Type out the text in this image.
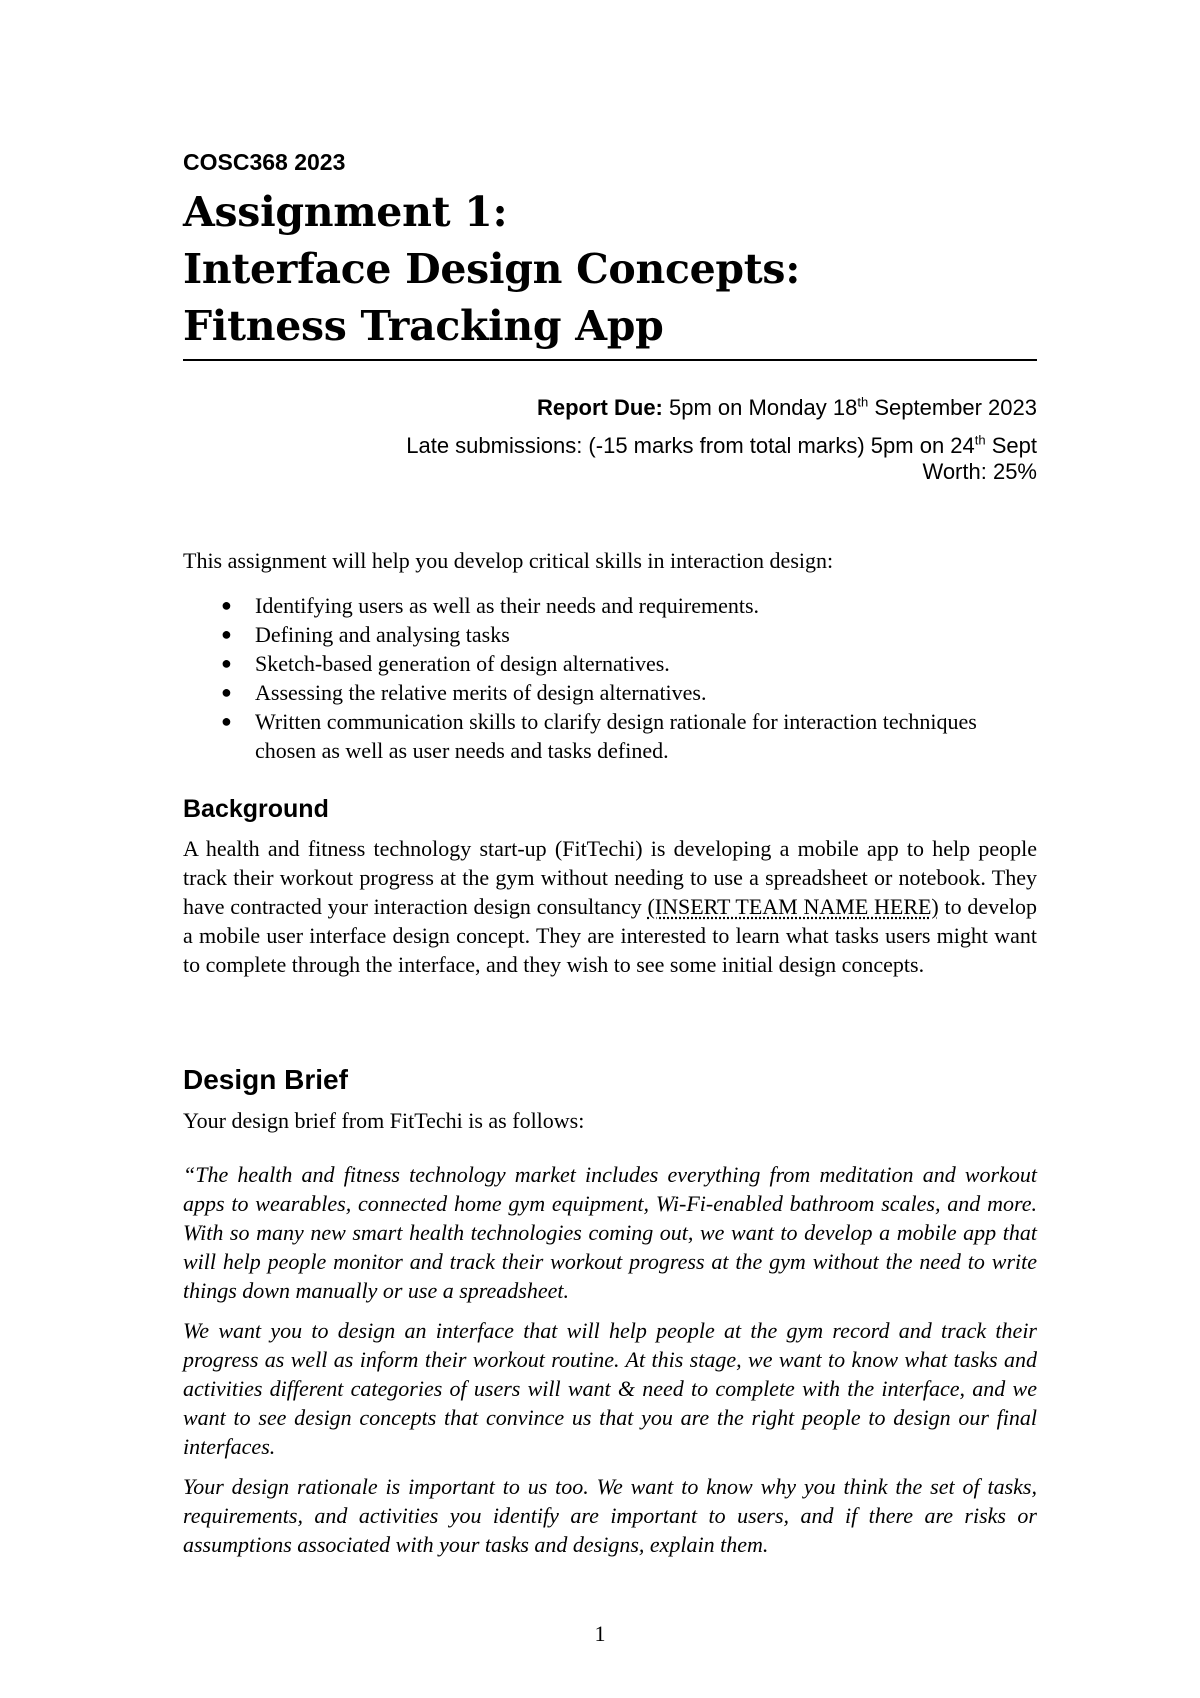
COSC368 2023
Assignment 1:
Interface Design Concepts:
Fitness Tracking App
Report Due: 5pm on Monday 18th September 2023
Late submissions: (-15 marks from total marks) 5pm on 24th Sept
Worth: 25%
This assignment will help you develop critical skills in interaction design:
● Identifying users as well as their needs and requirements.
● Defining and analysing tasks
● Sketch-based generation of design alternatives.
● Assessing the relative merits of design alternatives.
● Written communication skills to clarify design rationale for interaction techniques chosen as well as user needs and tasks defined.
Background
A health and fitness technology start-up (FitTechi) is developing a mobile app to help people track their workout progress at the gym without needing to use a spreadsheet or notebook. They have contracted your interaction design consultancy (INSERT TEAM NAME HERE) to develop a mobile user interface design concept. They are interested to learn what tasks users might want to complete through the interface, and they wish to see some initial design concepts.
Design Brief
Your design brief from FitTechi is as follows:
“The health and fitness technology market includes everything from meditation and workout apps to wearables, connected home gym equipment, Wi-Fi-enabled bathroom scales, and more. With so many new smart health technologies coming out, we want to develop a mobile app that will help people monitor and track their workout progress at the gym without the need to write things down manually or use a spreadsheet.
We want you to design an interface that will help people at the gym record and track their progress as well as inform their workout routine. At this stage, we want to know what tasks and activities different categories of users will want & need to complete with the interface, and we want to see design concepts that convince us that you are the right people to design our final interfaces.
Your design rationale is important to us too. We want to know why you think the set of tasks, requirements, and activities you identify are important to users, and if there are risks or assumptions associated with your tasks and designs, explain them.
1
